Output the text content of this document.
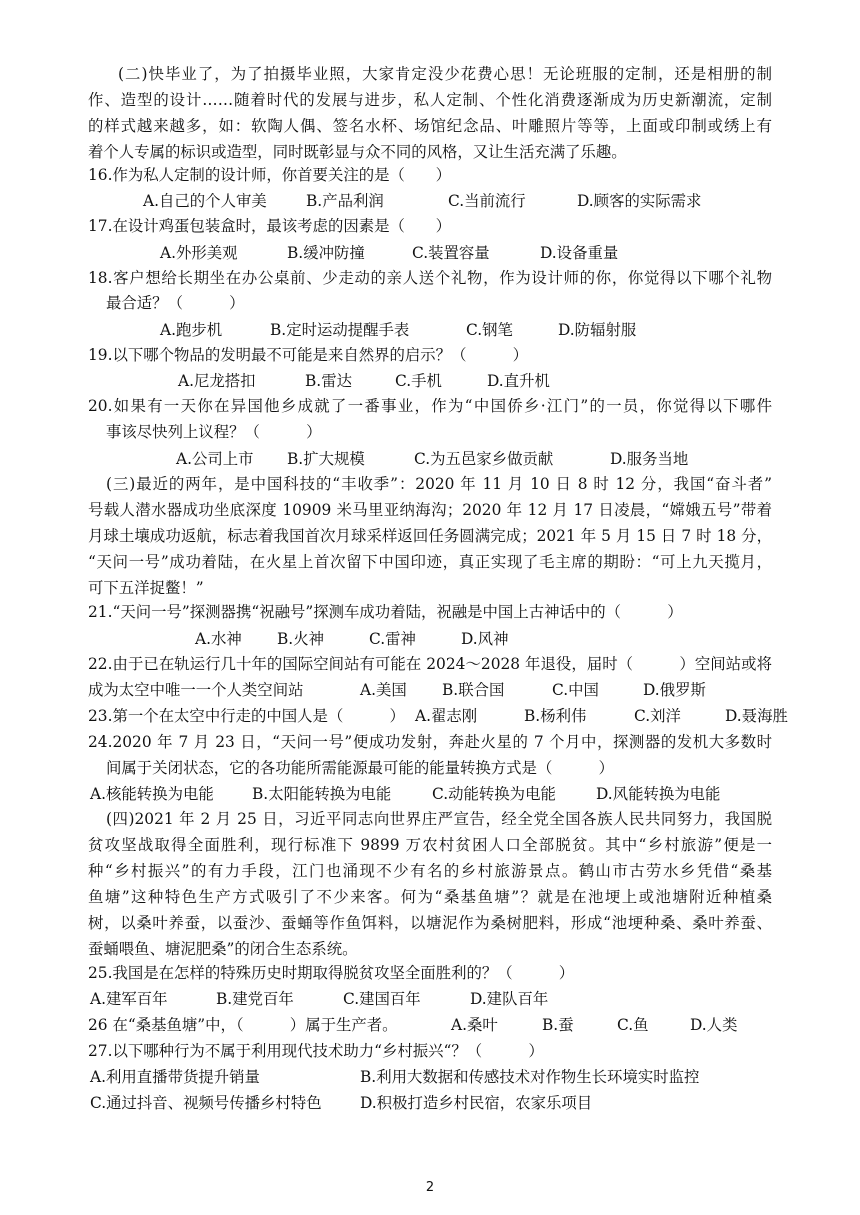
(二)快毕业了，为了拍摄毕业照，大家肯定没少花费心思！无论班服的定制，还是相册的制
作、造型的设计……随着时代的发展与进步，私人定制、个性化消费逐渐成为历史新潮流，定制
的样式越来越多，如：软陶人偶、签名水杯、场馆纪念品、叶雕照片等等，上面或印制或绣上有
着个人专属的标识或造型，同时既彰显与众不同的风格，又让生活充满了乐趣。
16.作为私人定制的设计师，你首要关注的是（　　）
A.自己的个人审美	B.产品利润	C.当前流行	D.顾客的实际需求
17.在设计鸡蛋包装盒时，最该考虑的因素是（　　）
A.外形美观	B.缓冲防撞	C.装置容量	D.设备重量
18.客户想给长期坐在办公桌前、少走动的亲人送个礼物，作为设计师的你，你觉得以下哪个礼物
最合适？（　　　）
A.跑步机	B.定时运动提醒手表	C.钢笔	D.防辐射服
19.以下哪个物品的发明最不可能是来自然界的启示？（　　　）
A.尼龙搭扣	B.雷达	C.手机	D.直升机
20.如果有一天你在异国他乡成就了一番事业，作为“中国侨乡·江门”的一员，你觉得以下哪件
事该尽快列上议程？（　　　）
A.公司上市 B.扩大规模	C.为五邑家乡做贡献	D.服务当地
(三)最近的两年，是中国科技的“丰收季”：2020 年 11 月 10 日 8 时 12 分，我国“奋斗者”
号载人潜水器成功坐底深度 10909 米马里亚纳海沟；2020 年 12 月 17 日凌晨，“嫦娥五号”带着
月球土壤成功返航，标志着我国首次月球采样返回任务圆满完成；2021 年 5 月 15 日 7 时 18 分，
“天问一号”成功着陆，在火星上首次留下中国印迹，真正实现了毛主席的期盼：“可上九天揽月，
可下五洋捉鳖！”
21.“天问一号”探测器携“祝融号”探测车成功着陆，祝融是中国上古神话中的（　　　）
A.水神 B.火神	C.雷神	D.风神
22.由于已在轨运行几十年的国际空间站有可能在 2024～2028 年退役，届时（　　　）空间站或将
成为太空中唯一一个人类空间站	A.美国 B.联合国	C.中国	D.俄罗斯
23.第一个在太空中行走的中国人是（　　　） A.翟志刚	B.杨利伟	C.刘洋	D.聂海胜
24.2020 年 7 月 23 日，“天问一号”便成功发射，奔赴火星的 7 个月中，探测器的发机大多数时
间属于关闭状态，它的各功能所需能源最可能的能量转换方式是（　　　）
A.核能转换为电能 B.太阳能转换为电能	C.动能转换为电能	D.风能转换为电能
(四)2021 年 2 月 25 日，习近平同志向世界庄严宣告，经全党全国各族人民共同努力，我国脱
贫攻坚战取得全面胜利，现行标准下 9899 万农村贫困人口全部脱贫。其中“乡村旅游”便是一
种“乡村振兴”的有力手段，江门也涌现不少有名的乡村旅游景点。鹤山市古劳水乡凭借“桑基
鱼塘”这种特色生产方式吸引了不少来客。何为“桑基鱼塘”？就是在池埂上或池塘附近种植桑
树，以桑叶养蚕，以蚕沙、蚕蛹等作鱼饵料，以塘泥作为桑树肥料，形成“池埂种桑、桑叶养蚕、
蚕蛹喂鱼、塘泥肥桑”的闭合生态系统。
25.我国是在怎样的特殊历史时期取得脱贫攻坚全面胜利的？（　　　）
A.建军百年	B.建党百年	C.建国百年	D.建队百年
26 在“桑基鱼塘”中，（　　　）属于生产者。	A.桑叶	B.蚕	C.鱼	D.人类
27.以下哪种行为不属于利用现代技术助力“乡村振兴“？（　　　）
A.利用直播带货提升销量	B.利用大数据和传感技术对作物生长环境实时监控
C.通过抖音、视频号传播乡村特色 D.积极打造乡村民宿，农家乐项目
2
